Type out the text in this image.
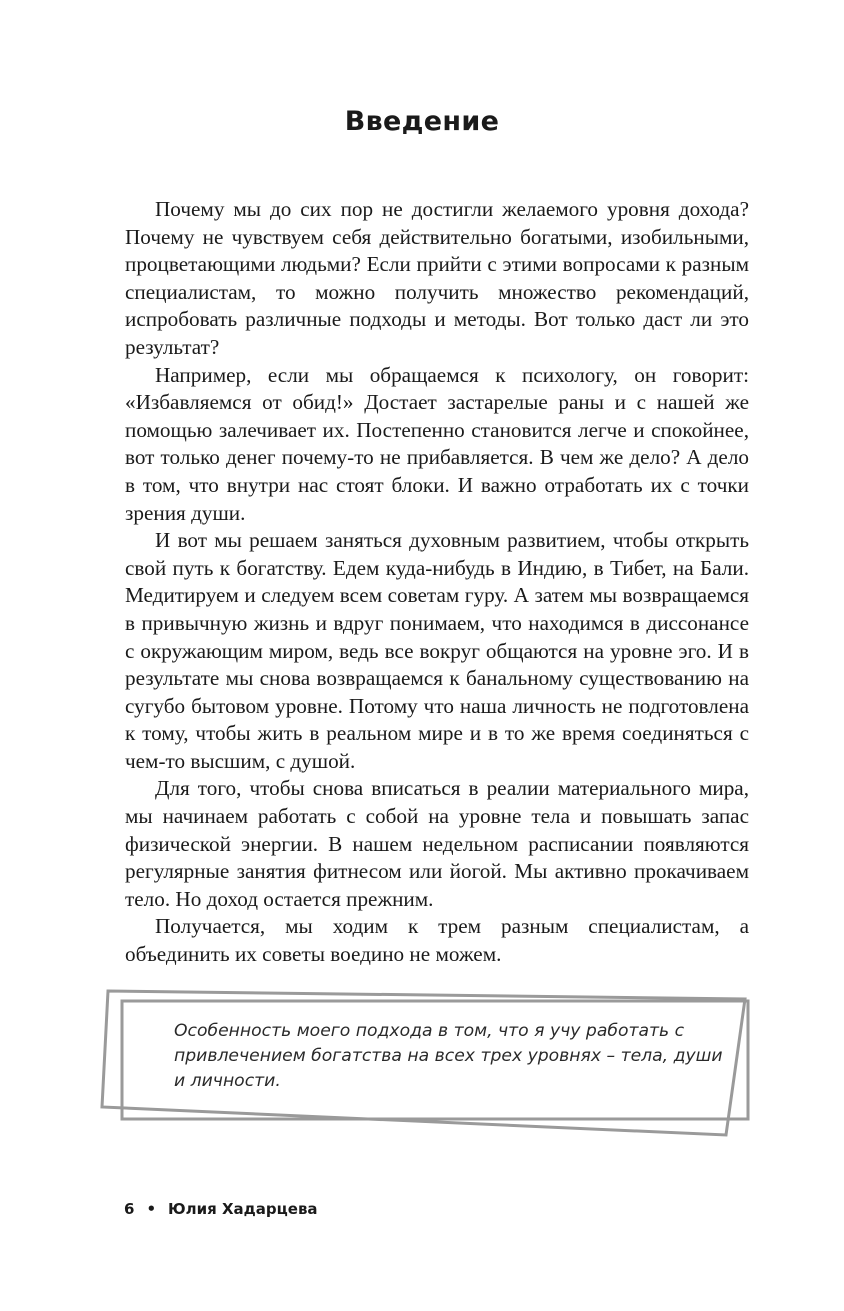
Введение

Почему мы до сих пор не достигли желаемого уровня дохода? Почему не чувствуем себя действительно богатыми, изобильными, процветающими людьми? Если прийти с этими вопросами к разным специалистам, то можно получить множество рекомендаций, испробовать различные подходы и методы. Вот только даст ли это результат?

Например, если мы обращаемся к психологу, он говорит: «Избавляемся от обид!» Достает застарелые раны и с нашей же помощью залечивает их. Постепенно становится легче и спокойнее, вот только денег почему-то не прибавляется. В чем же дело? А дело в том, что внутри нас стоят блоки. И важно отработать их с точки зрения души.

И вот мы решаем заняться духовным развитием, чтобы открыть свой путь к богатству. Едем куда-нибудь в Индию, в Тибет, на Бали. Медитируем и следуем всем советам гуру. А затем мы возвращаемся в привычную жизнь и вдруг понимаем, что находимся в диссонансе с окружающим миром, ведь все вокруг общаются на уровне эго. И в результате мы снова возвращаемся к банальному существованию на сугубо бытовом уровне. Потому что наша личность не подготовлена к тому, чтобы жить в реальном мире и в то же время соединяться с чем-то высшим, с душой.

Для того, чтобы снова вписаться в реалии материального мира, мы начинаем работать с собой на уровне тела и повышать запас физической энергии. В нашем недельном расписании появляются регулярные занятия фитнесом или йогой. Мы активно прокачиваем тело. Но доход остается прежним.

Получается, мы ходим к трем разным специалистам, а объединить их советы воедино не можем.

Особенность моего подхода в том, что я учу работать с привлечением богатства на всех трех уровнях – тела, души и личности.
6 • Юлия Хадарцева
